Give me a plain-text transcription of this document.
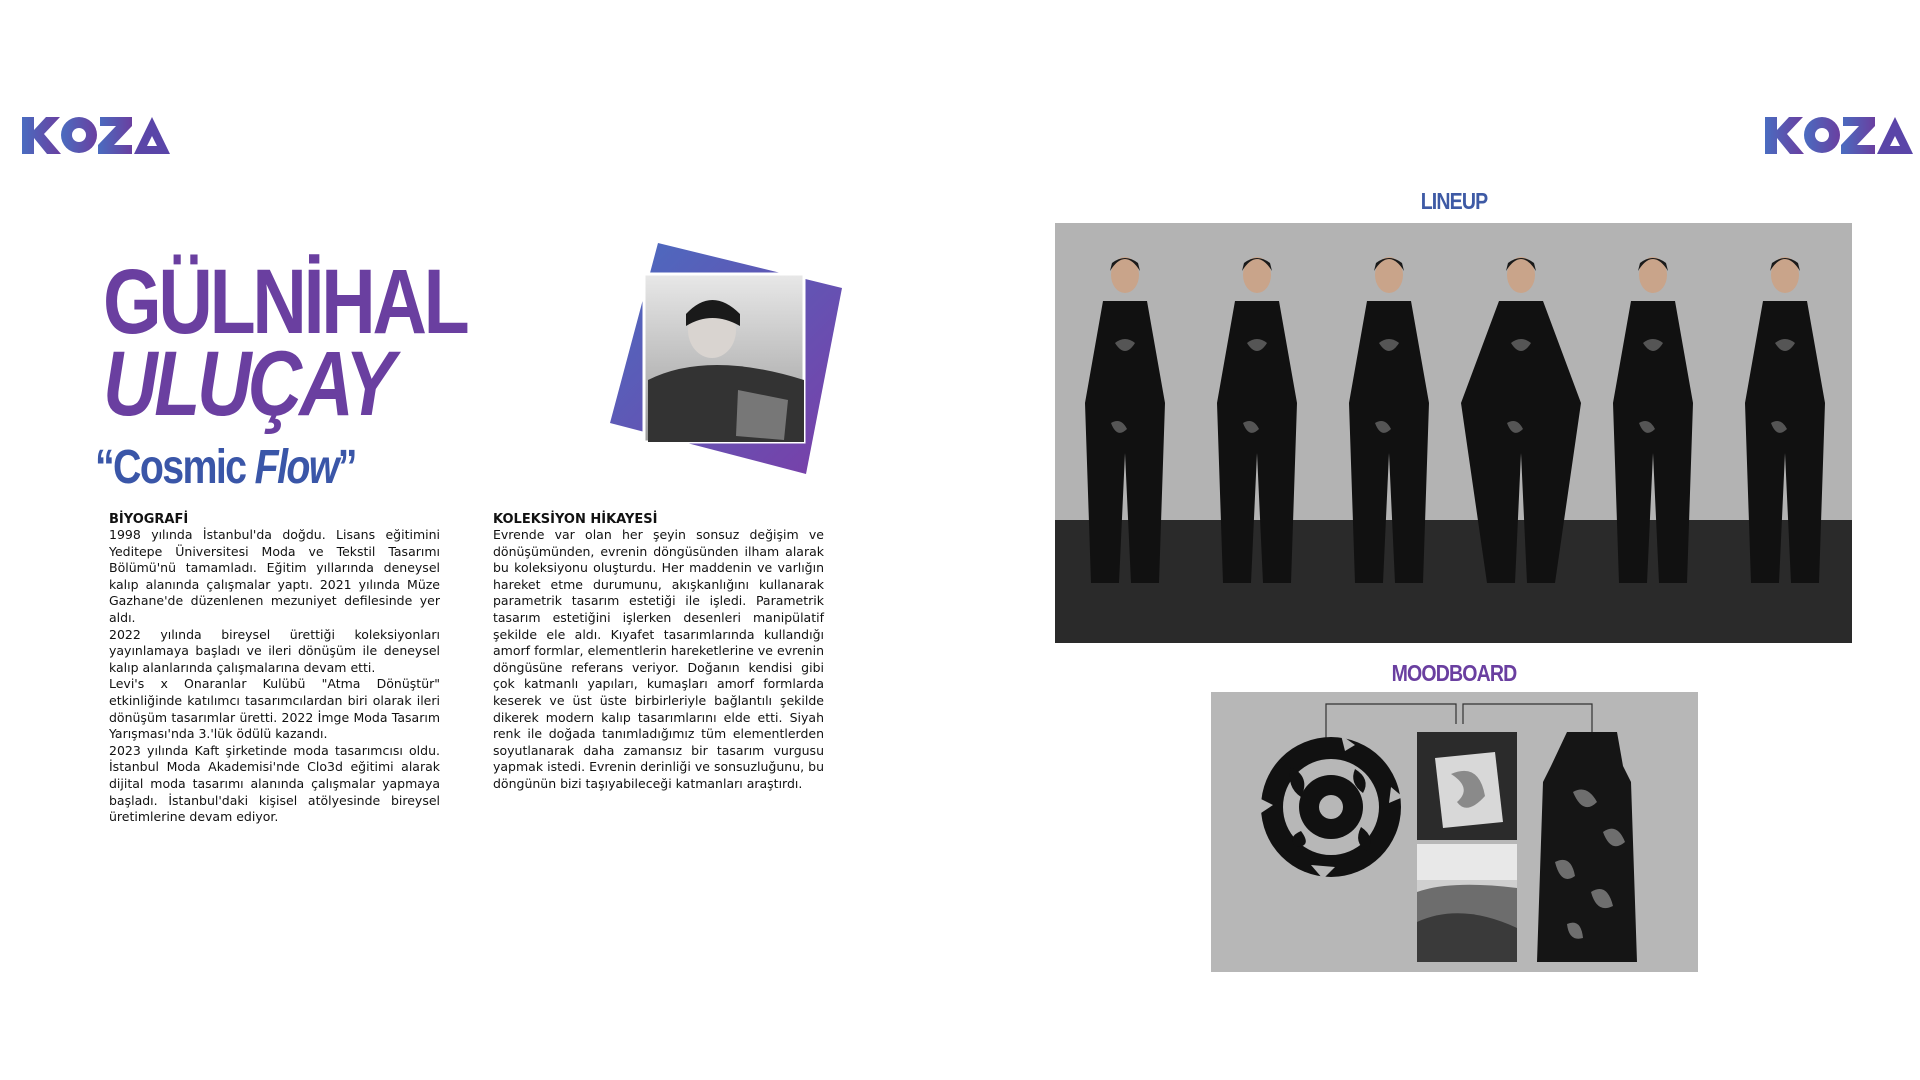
GÜLNİHAL
ULUÇAY
“Cosmic Flow”
BİYOGRAFİ

1998 yılında İstanbul'da doğdu. Lisans eğitimini Yeditepe Üniversitesi Moda ve Tekstil Tasarımı Bölümü'nü tamamladı. Eğitim yıllarında deneysel kalıp alanında çalışmalar yaptı. 2021 yılında Müze Gazhane'de düzenlenen mezuniyet defilesinde yer aldı.

2022 yılında bireysel ürettiği koleksiyonları yayınlamaya başladı ve ileri dönüşüm ile deneysel kalıp alanlarında çalışmalarına devam etti.

Levi's x Onaranlar Kulübü "Atma Dönüştür" etkinliğinde katılımcı tasarımcılardan biri olarak ileri dönüşüm tasarımlar üretti. 2022 İmge Moda Tasarım Yarışması'nda 3.'lük ödülü kazandı.

2023 yılında Kaft şirketinde moda tasarımcısı oldu. İstanbul Moda Akademisi'nde Clo3d eğitimi alarak dijital moda tasarımı alanında çalışmalar yapmaya başladı. İstanbul'daki kişisel atölyesinde bireysel üretimlerine devam ediyor.

KOLEKSİYON HİKAYESİ
Evrende var olan her şeyin sonsuz değişim ve dönüşümünden, evrenin döngüsünden ilham alarak bu koleksiyonu oluşturdu. Her maddenin ve varlığın hareket etme durumunu, akışkanlığını kullanarak parametrik tasarım estetiği ile işledi. Parametrik tasarım estetiğini işlerken desenleri manipülatif şekilde ele aldı. Kıyafet tasarımlarında kullandığı amorf formlar, elementlerin hareketlerine ve evrenin döngüsüne referans veriyor. Doğanın kendisi gibi çok katmanlı yapıları, kumaşları amorf formlarda keserek ve üst üste birbirleriyle bağlantılı şekilde dikerek modern kalıp tasarımlarını elde etti. Siyah renk ile doğada tanımladığımız tüm elementlerden soyutlanarak daha zamansız bir tasarım vurgusu yapmak istedi. Evrenin derinliği ve sonsuzluğunu, bu döngünün bizi taşıyabileceği katmanları araştırdı.
LINEUP
MOODBOARD
